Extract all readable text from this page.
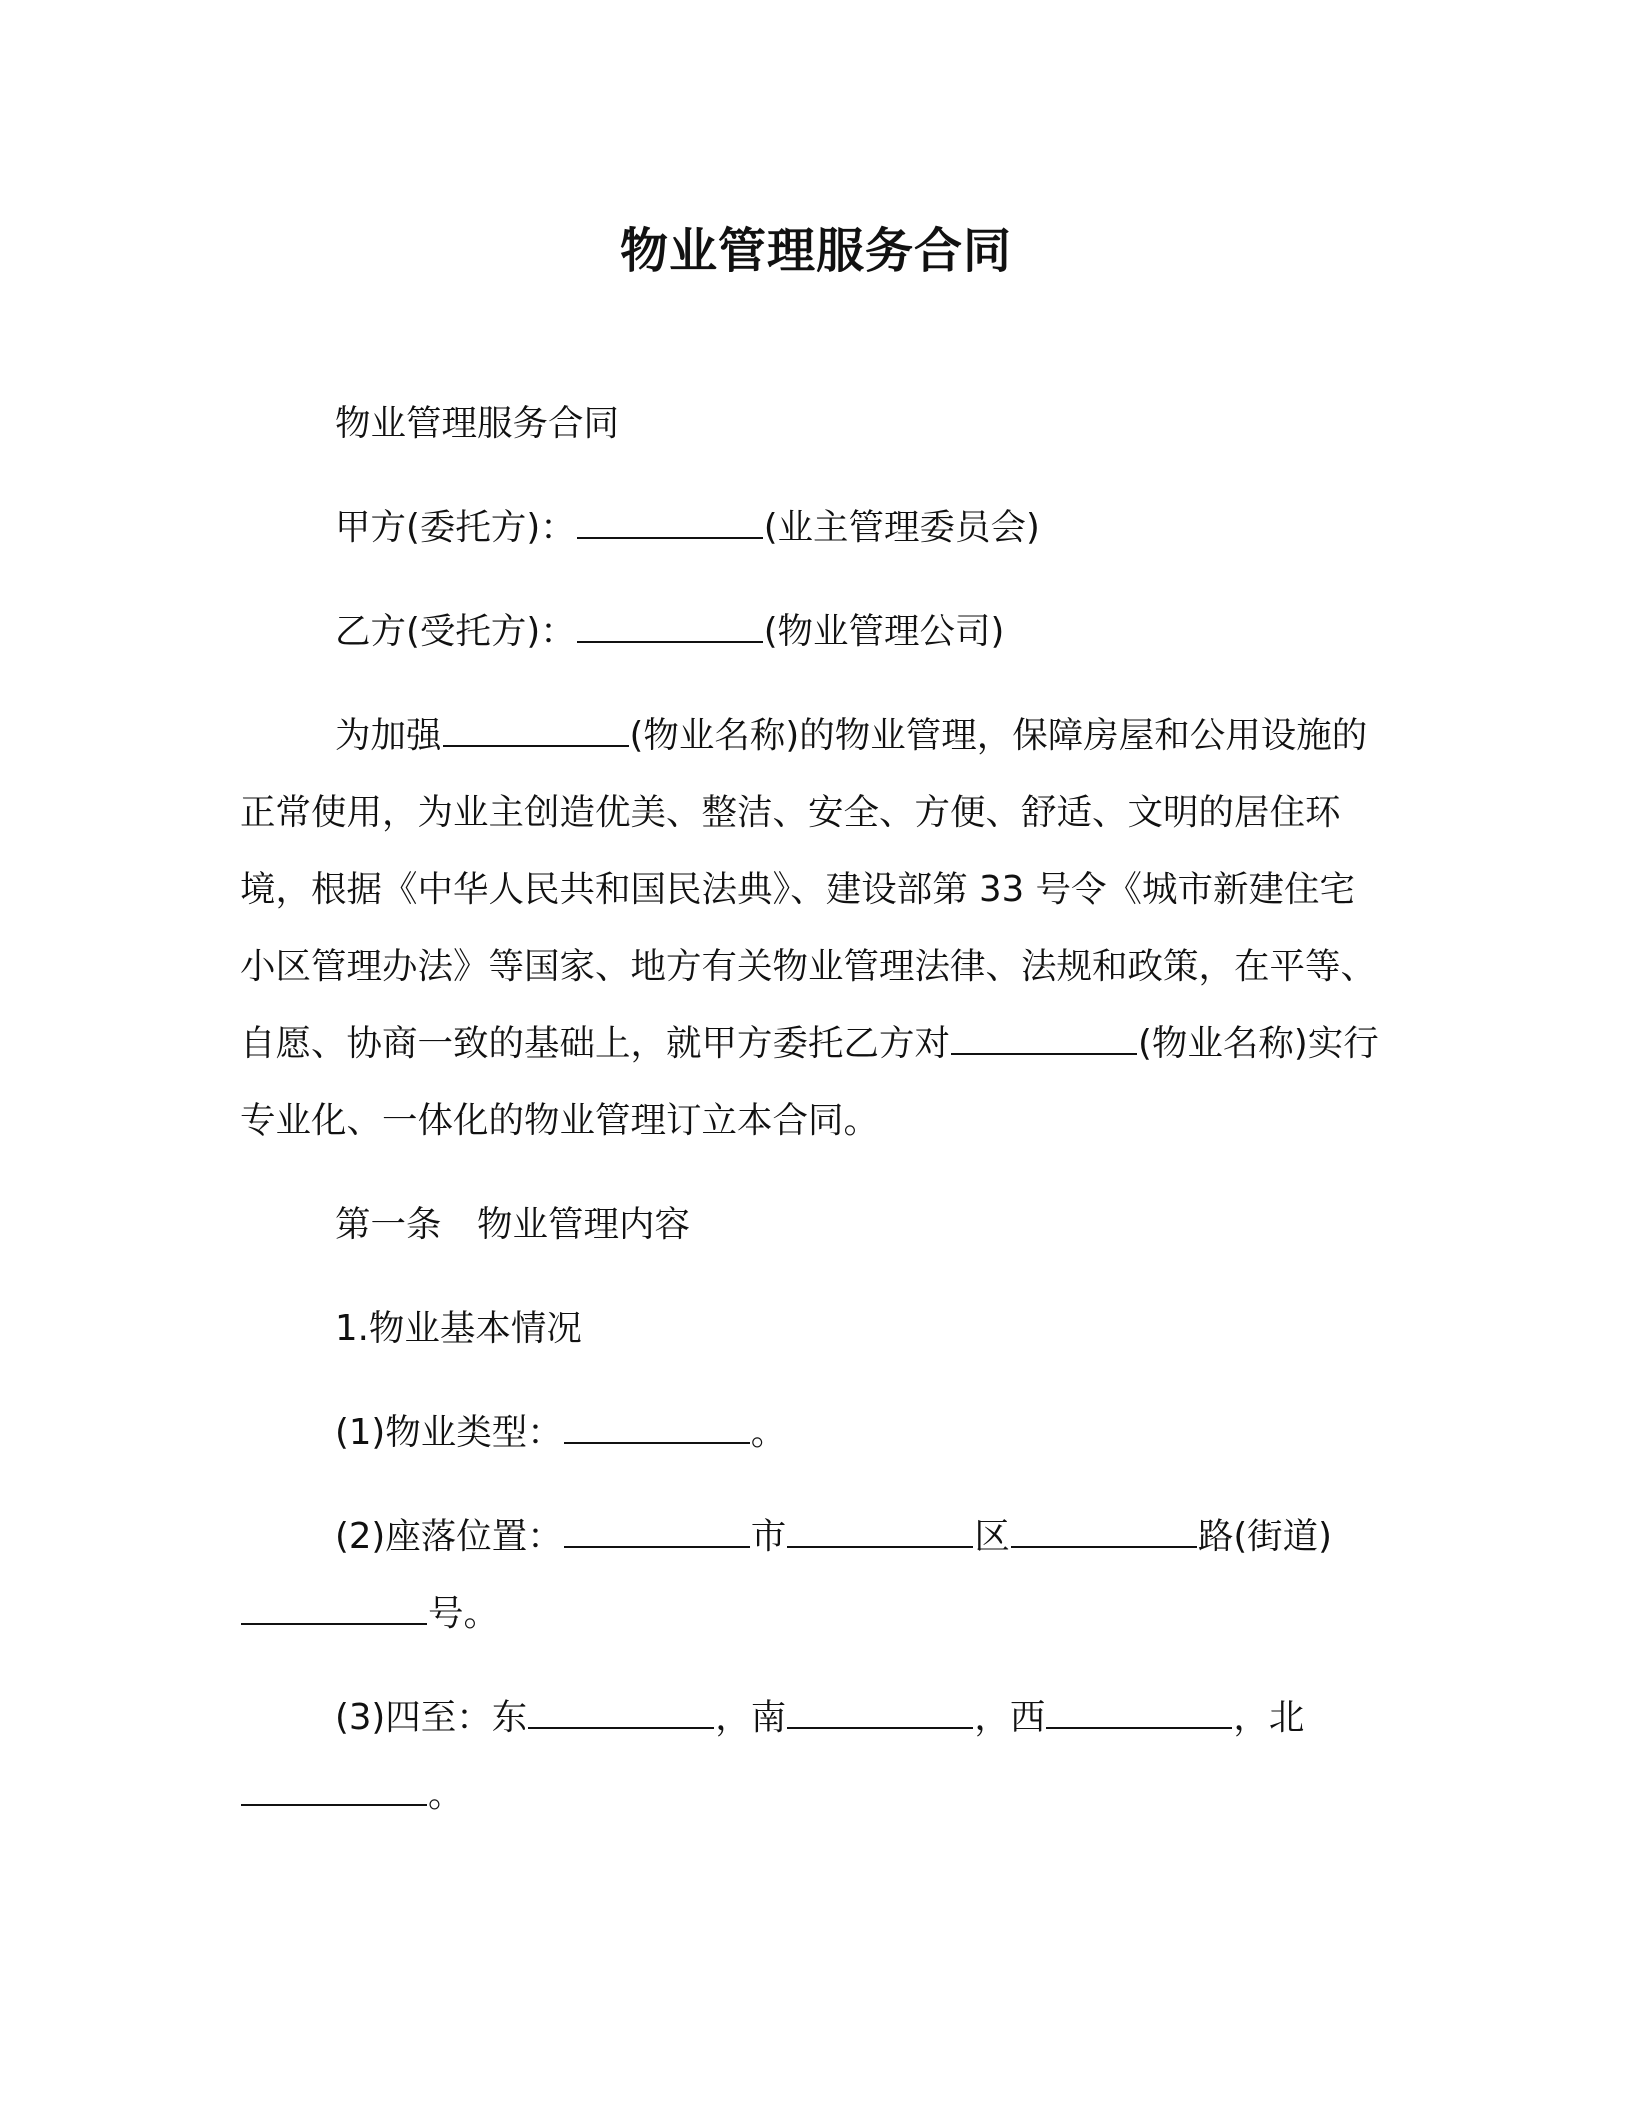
物业管理服务合同

物业管理服务合同

甲方(委托方)：	(业主管理委员会)

乙方(受托方)：	(物业管理公司)

为加强	(物业名称)的物业管理，保障房屋和公用设施的正常使用，为业主创造优美、整洁、安全、方便、舒适、文明的居住环境，根据《中华人民共和国民法典》、建设部第 33 号令《城市新建住宅小区管理办法》等国家、地方有关物业管理法律、法规和政策，在平等、自愿、协商一致的基础上，就甲方委托乙方对	(物业名称)实行专业化、一体化的物业管理订立本合同。

第一条　物业管理内容

1.物业基本情况

(1)物业类型：	。

(2)座落位置：	市	区	路(街道)号。

(3)四至：东	，南	，西	，北。
